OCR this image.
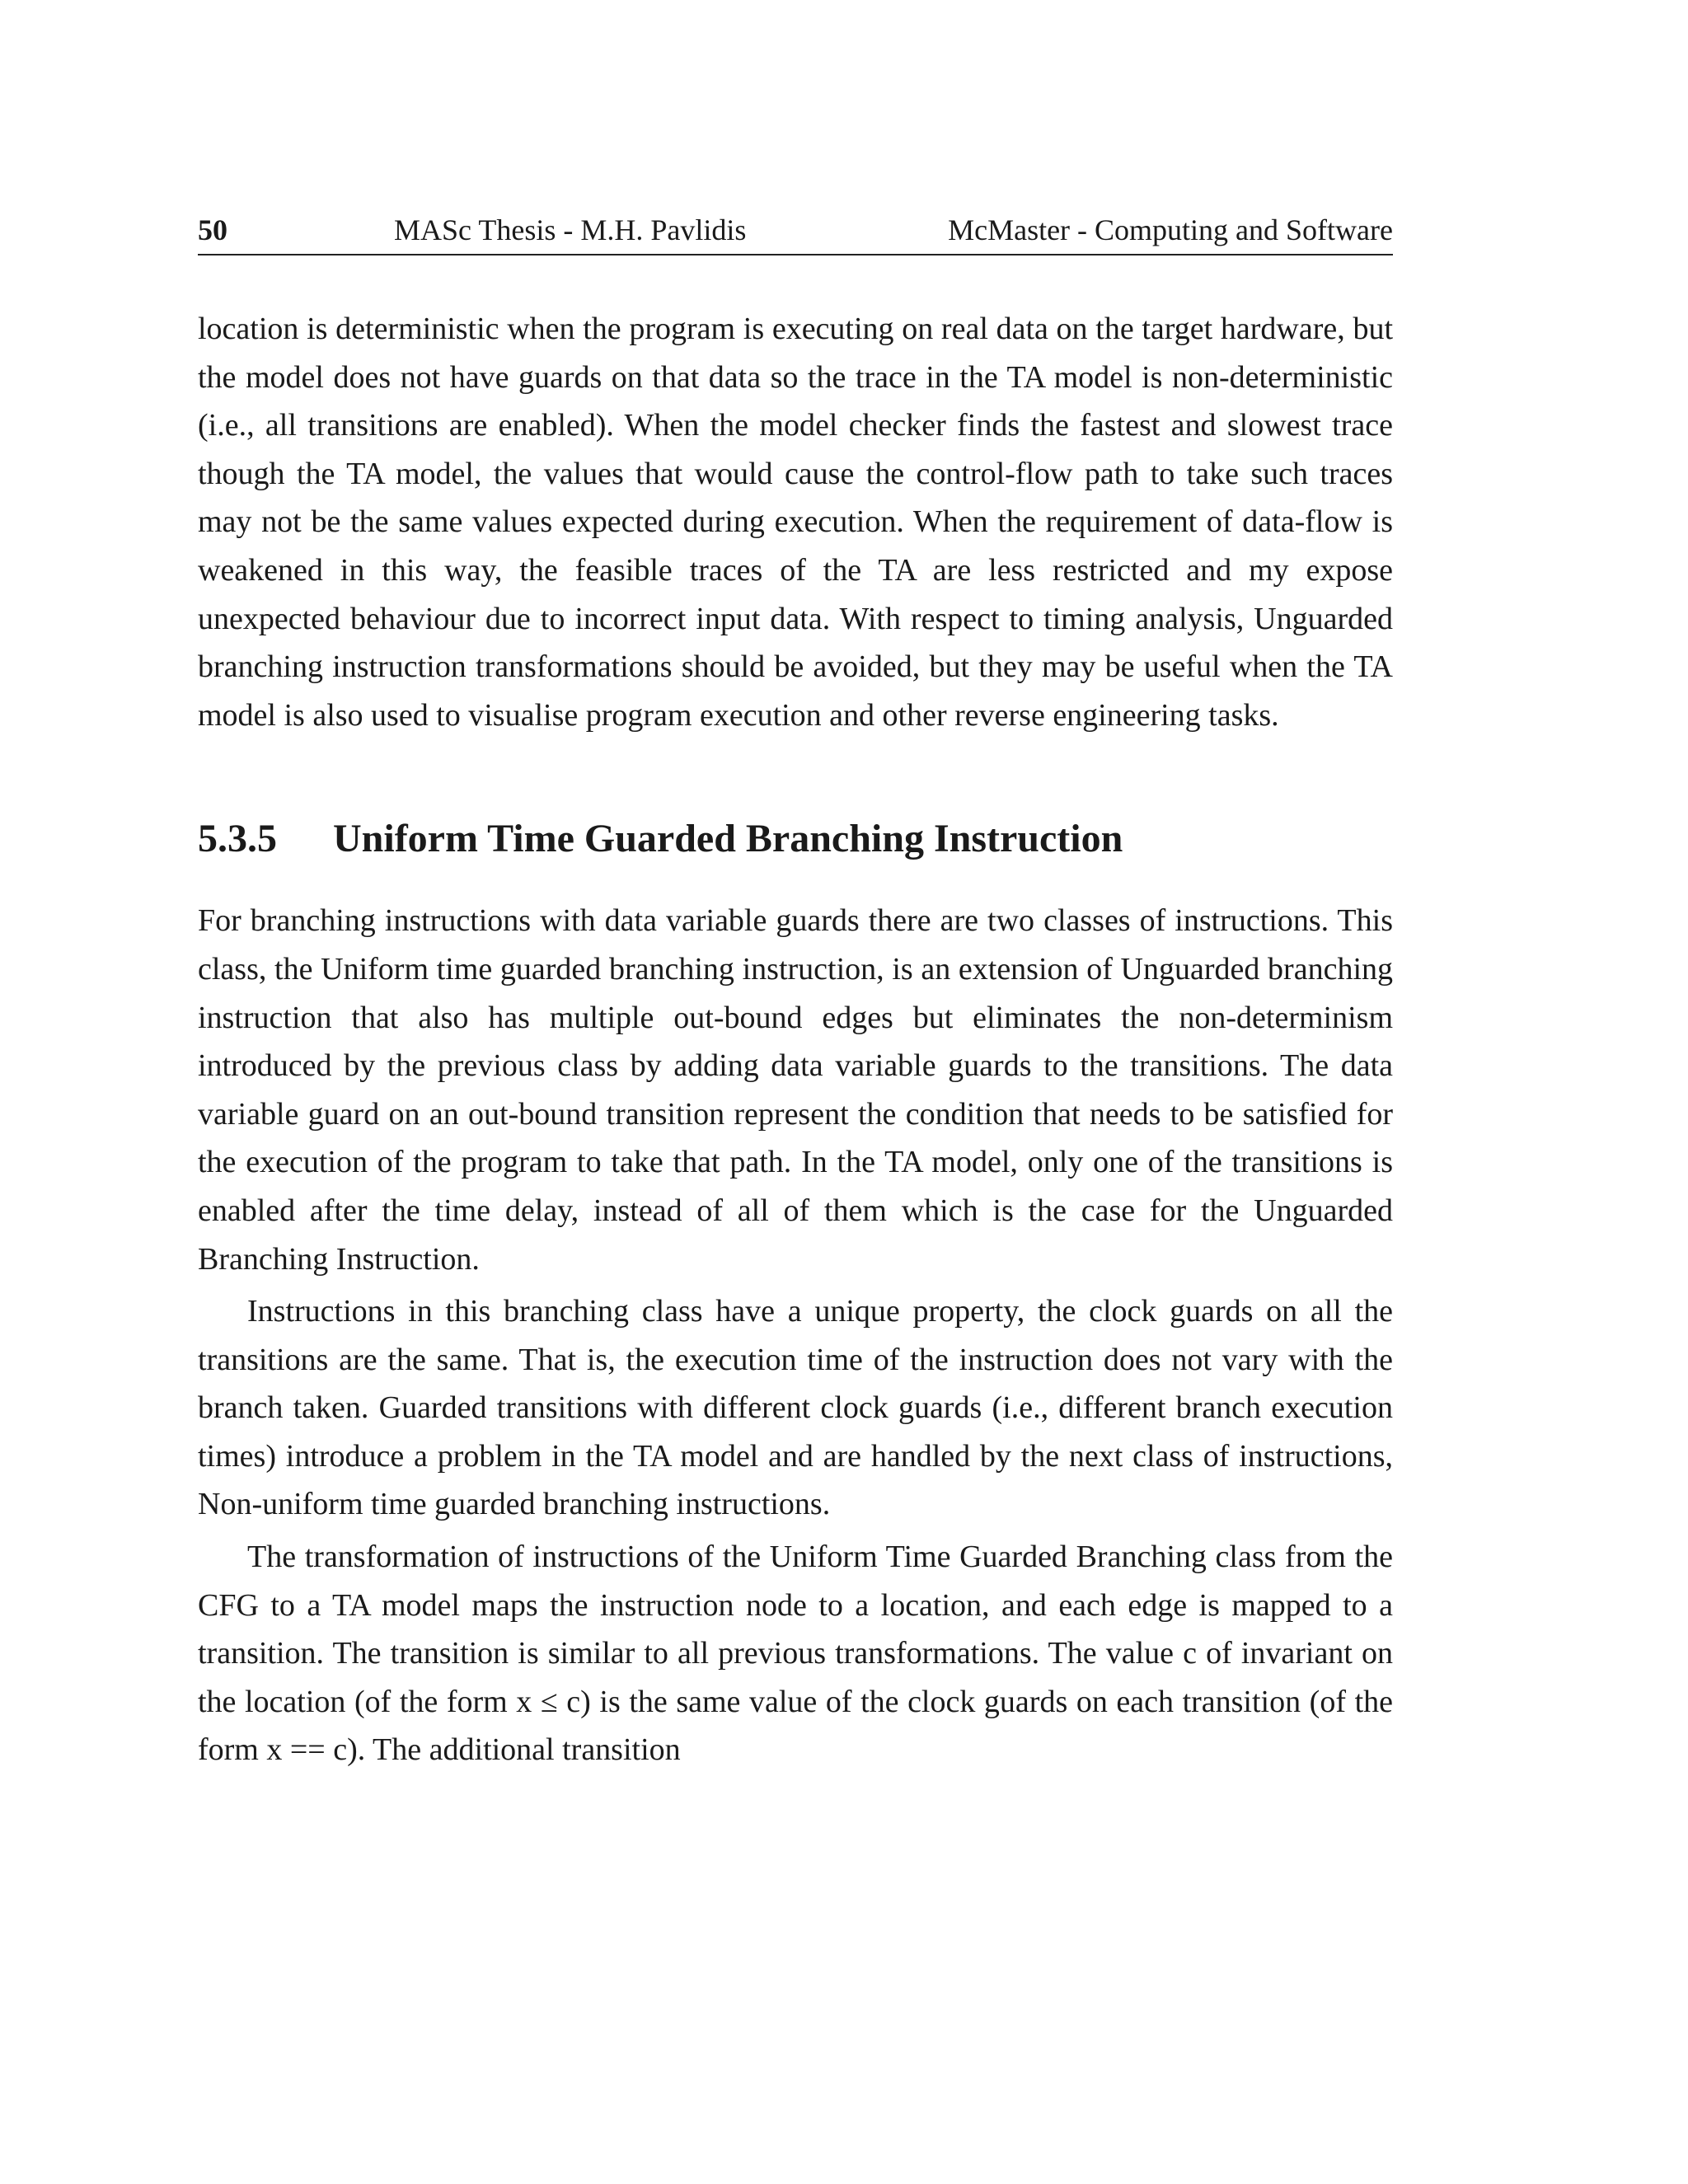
50	MASc Thesis - M.H. Pavlidis	McMaster - Computing and Software

location is deterministic when the program is executing on real data on the target hardware, but the model does not have guards on that data so the trace in the TA model is non-deterministic (i.e., all transitions are enabled). When the model checker finds the fastest and slowest trace though the TA model, the values that would cause the control-flow path to take such traces may not be the same values expected during execution. When the requirement of data-flow is weakened in this way, the feasible traces of the TA are less restricted and my expose unexpected behaviour due to incorrect input data. With respect to timing analysis, Unguarded branching instruction transformations should be avoided, but they may be useful when the TA model is also used to visualise program execution and other reverse engineering tasks.

5.3.5 Uniform Time Guarded Branching Instruction

For branching instructions with data variable guards there are two classes of instructions. This class, the Uniform time guarded branching instruction, is an extension of Unguarded branching instruction that also has multiple out-bound edges but eliminates the non-determinism introduced by the previous class by adding data variable guards to the transitions. The data variable guard on an out-bound transition represent the condition that needs to be satisfied for the execution of the program to take that path. In the TA model, only one of the transitions is enabled after the time delay, instead of all of them which is the case for the Unguarded Branching Instruction.

Instructions in this branching class have a unique property, the clock guards on all the transitions are the same. That is, the execution time of the instruction does not vary with the branch taken. Guarded transitions with different clock guards (i.e., different branch execution times) introduce a problem in the TA model and are handled by the next class of instructions, Non-uniform time guarded branching instructions.

The transformation of instructions of the Uniform Time Guarded Branching class from the CFG to a TA model maps the instruction node to a location, and each edge is mapped to a transition. The transition is similar to all previous transformations. The value c of invariant on the location (of the form x ≤ c) is the same value of the clock guards on each transition (of the form x == c). The additional transition
